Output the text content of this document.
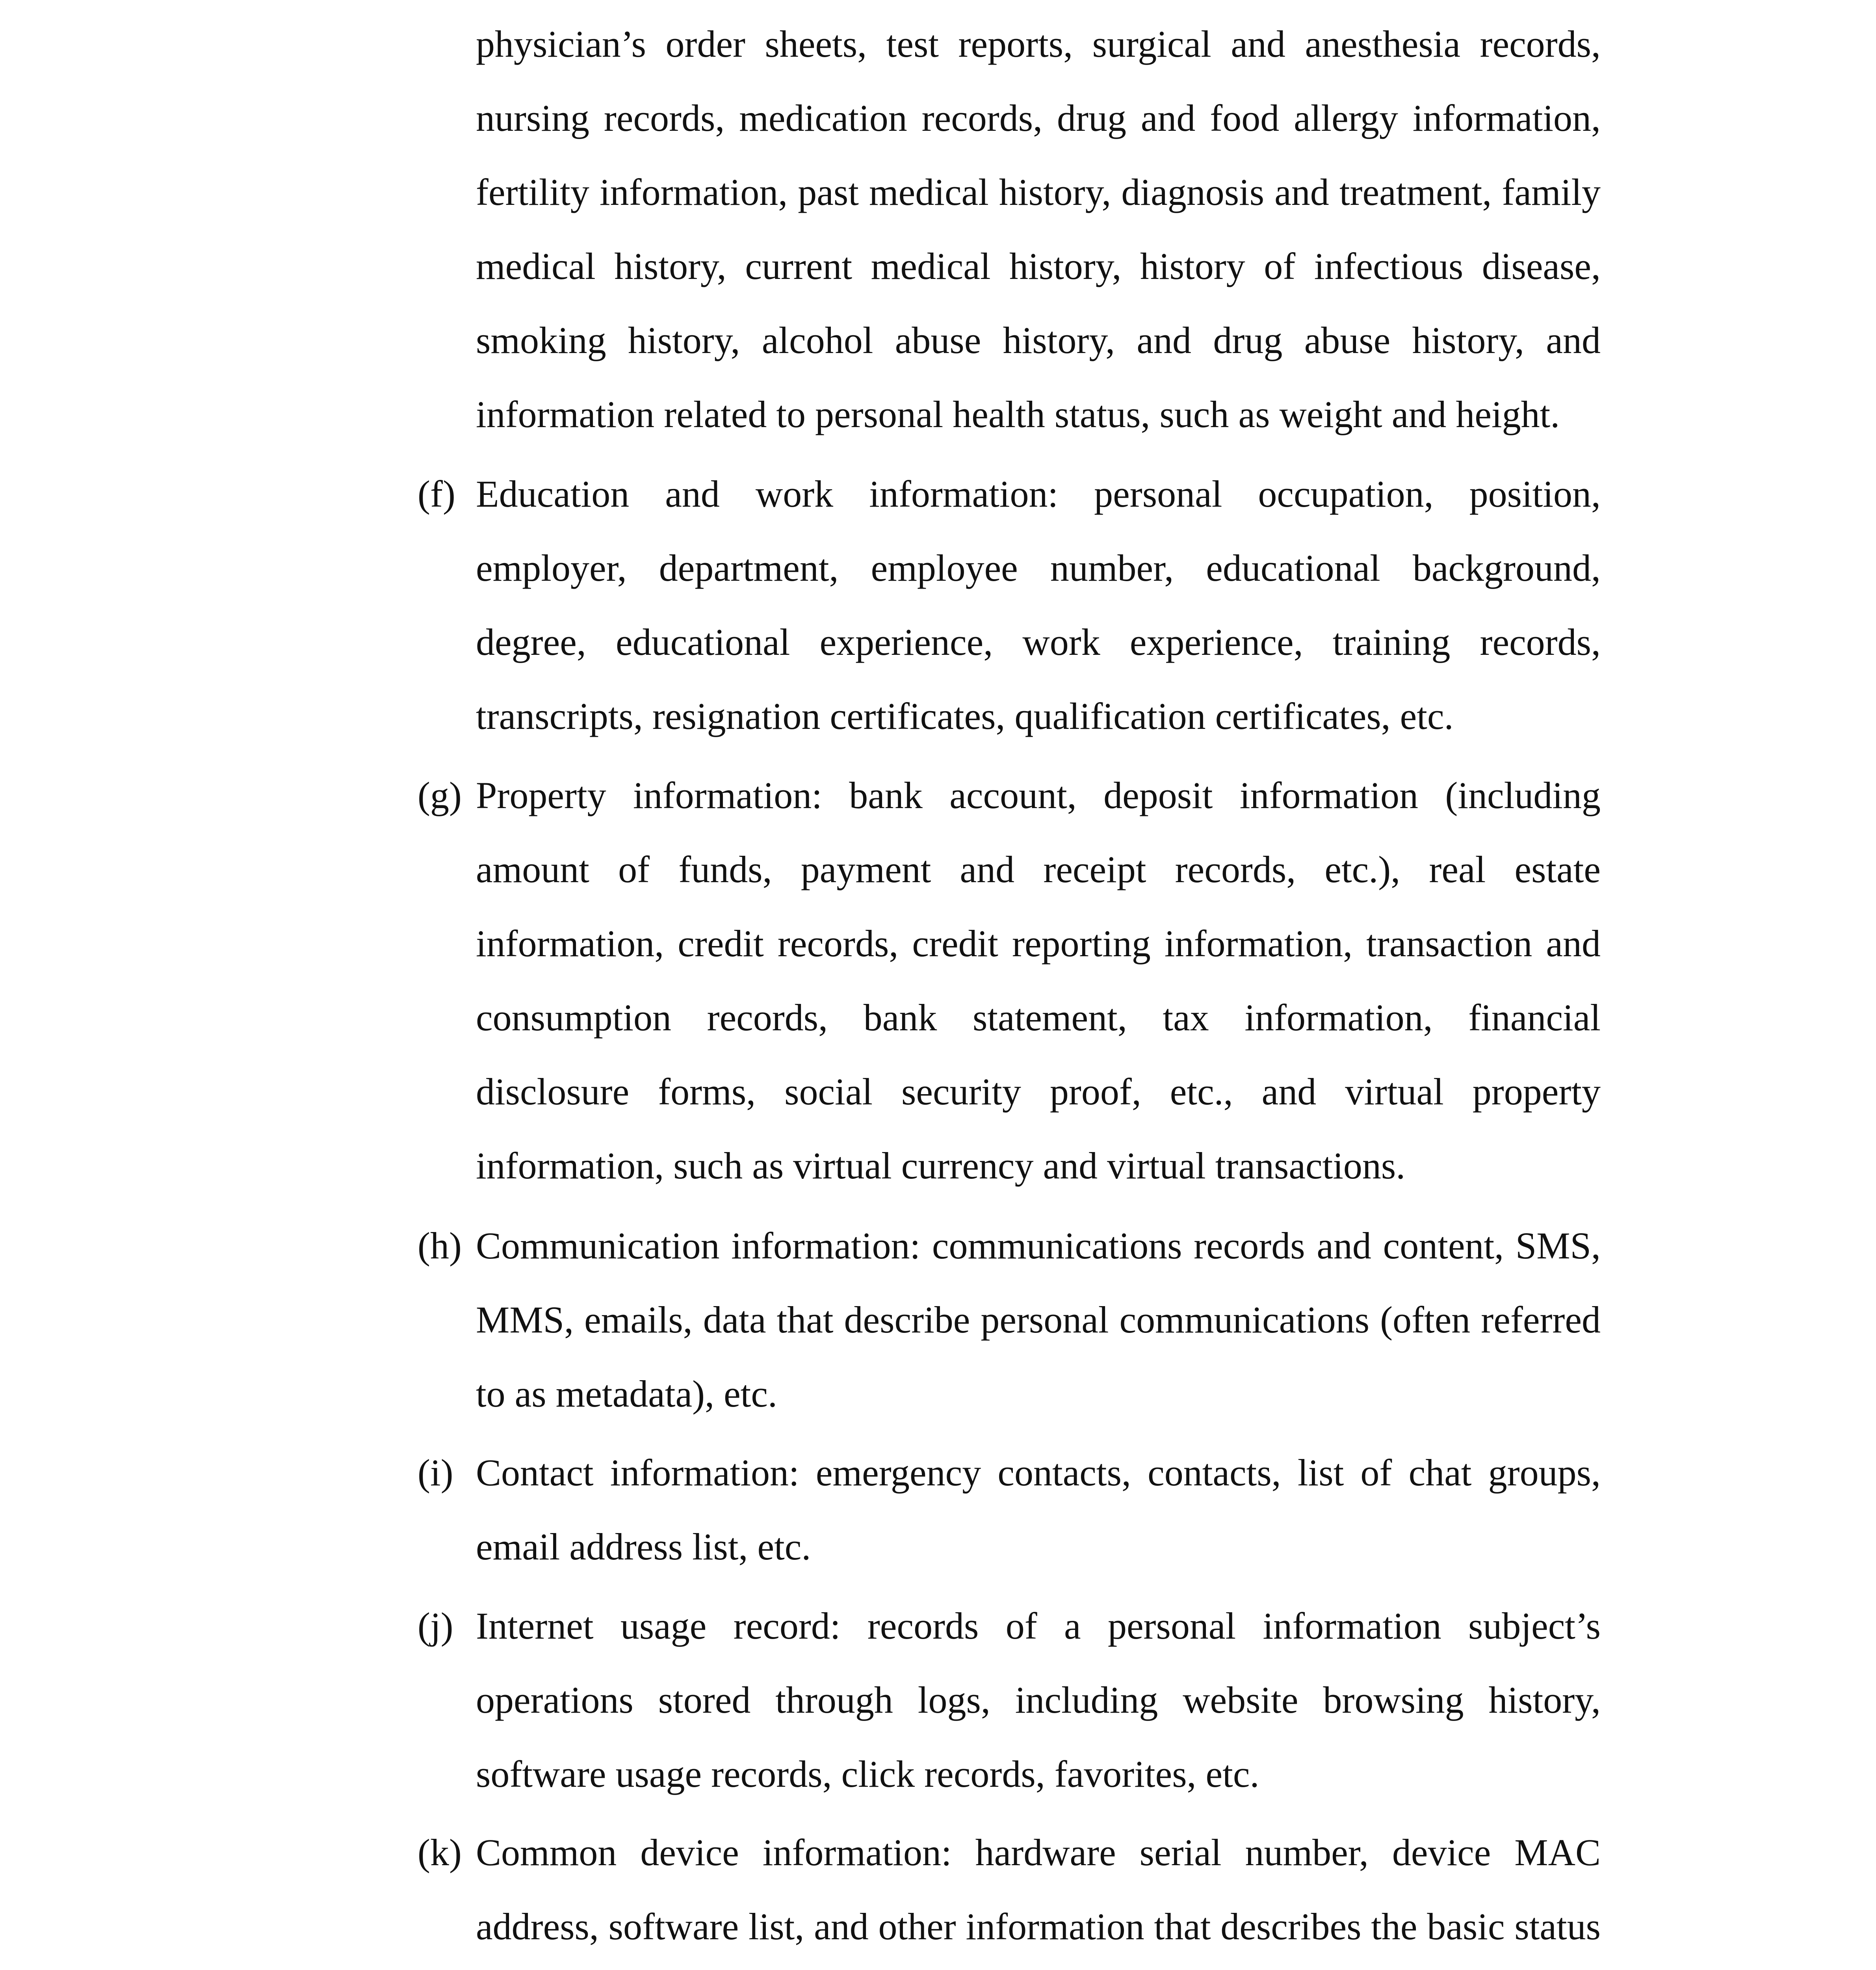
physician’s order sheets, test reports, surgical and anesthesia records, nursing records, medication records, drug and food allergy information, fertility information, past medical history, diagnosis and treatment, family medical history, current medical history, history of infectious disease, smoking history, alcohol abuse history, and drug abuse history, and information related to personal health status, such as weight and height.

(f) Education and work information: personal occupation, position, employer, department, employee number, educational background, degree, educational experience, work experience, training records, transcripts, resignation certificates, qualification certificates, etc.
(g) Property information: bank account, deposit information (including amount of funds, payment and receipt records, etc.), real estate information, credit records, credit reporting information, transaction and consumption records, bank statement, tax information, financial disclosure forms, social security proof, etc., and virtual property information, such as virtual currency and virtual transactions.
(h) Communication information: communications records and content, SMS, MMS, emails, data that describe personal communications (often referred to as metadata), etc.
(i) Contact information: emergency contacts, contacts, list of chat groups, email address list, etc.
(j) Internet usage record: records of a personal information subject’s operations stored through logs, including website browsing history, software usage records, click records, favorites, etc.
(k) Common device information: hardware serial number, device MAC address, software list, and other information that describes the basic status
